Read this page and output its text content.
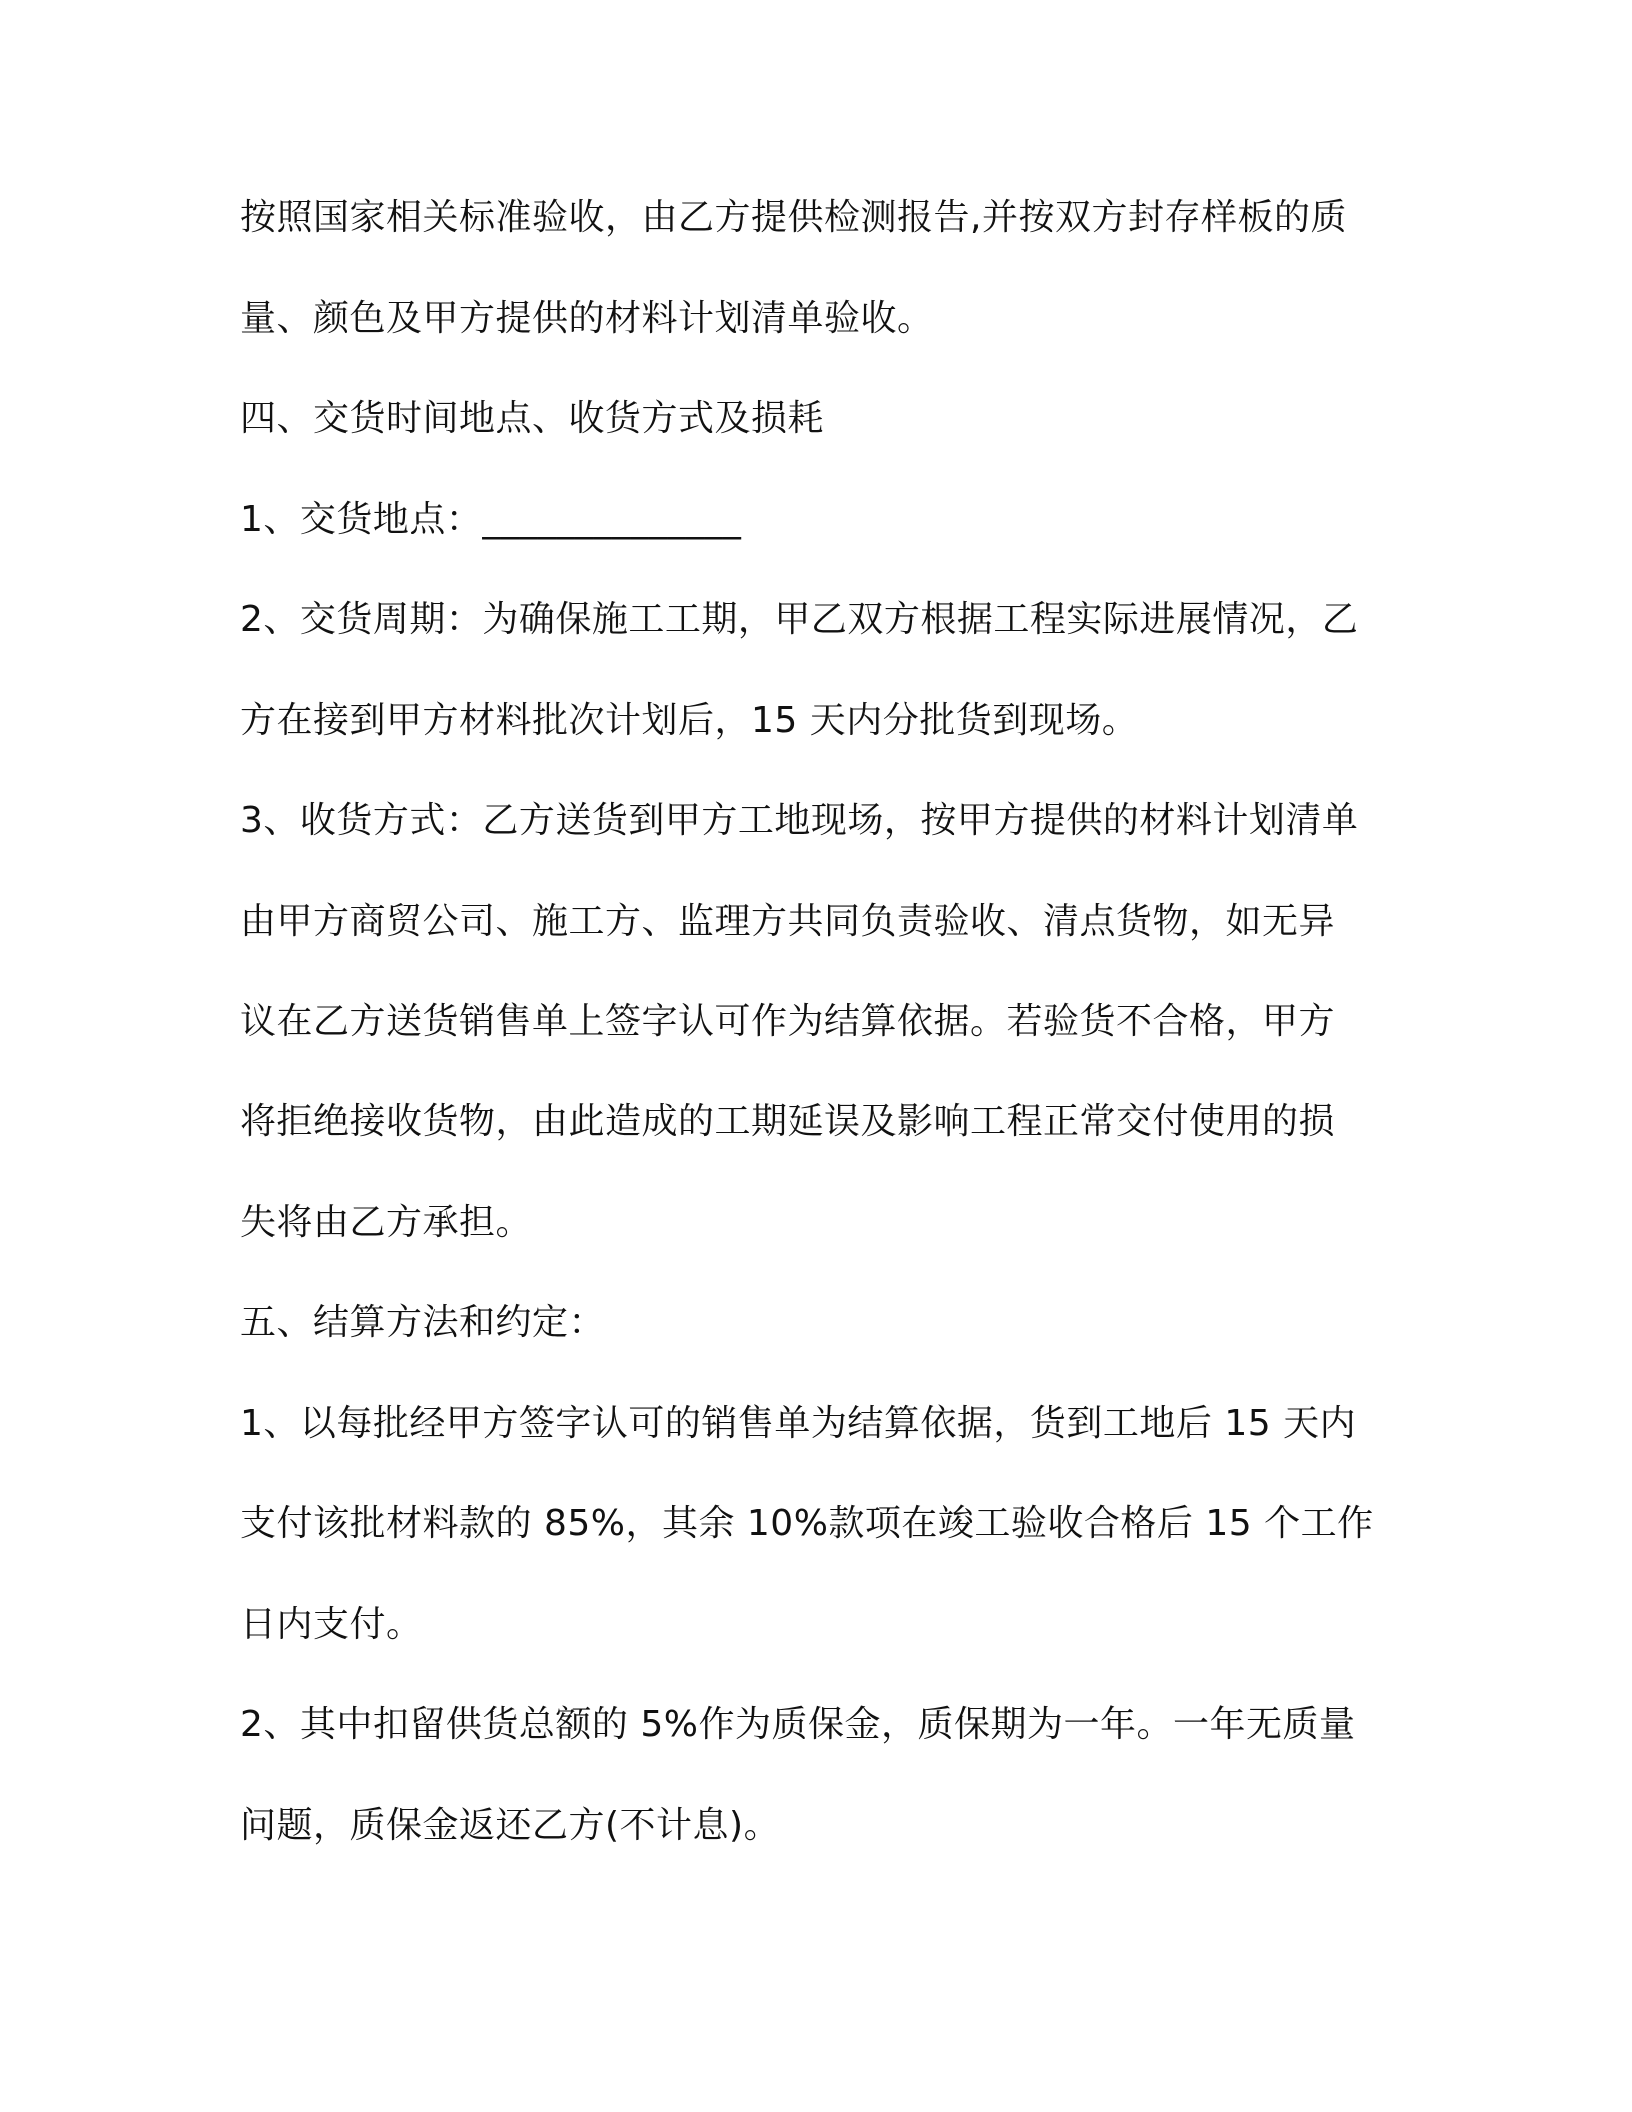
按照国家相关标准验收，由乙方提供检测报告,并按双方封存样板的质
量、颜色及甲方提供的材料计划清单验收。
四、交货时间地点、收货方式及损耗
1、交货地点：______________
2、交货周期：为确保施工工期，甲乙双方根据工程实际进展情况，乙
方在接到甲方材料批次计划后，15 天内分批货到现场。
3、收货方式：乙方送货到甲方工地现场，按甲方提供的材料计划清单
由甲方商贸公司、施工方、监理方共同负责验收、清点货物，如无异
议在乙方送货销售单上签字认可作为结算依据。若验货不合格，甲方
将拒绝接收货物，由此造成的工期延误及影响工程正常交付使用的损
失将由乙方承担。
五、结算方法和约定：
1、以每批经甲方签字认可的销售单为结算依据，货到工地后 15 天内
支付该批材料款的 85%，其余 10%款项在竣工验收合格后 15 个工作
日内支付。
2、其中扣留供货总额的 5%作为质保金，质保期为一年。一年无质量
问题，质保金返还乙方(不计息)。
